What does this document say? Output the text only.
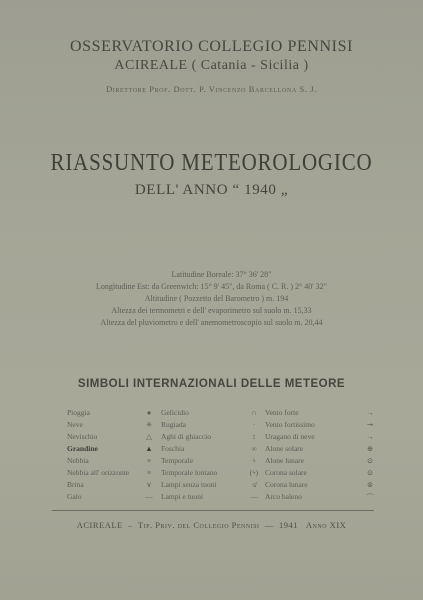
OSSERVATORIO COLLEGIO PENNISI
ACIREALE ( Catania - Sicilia )
Direttore Prof. Dott. P. Vincenzo Barcellona S. J.
RIASSUNTO METEOROLOGICO
DELL' ANNO “ 1940 „
Latitudine Boreale: 37° 36' 28"
Longitudine Est: da Greenwich: 15° 9' 45", da Roma ( C. R. ) 2° 40' 32"
Altitudine ( Pozzetto del Barometro ) m. 194
Altezza dei termometri e dell' evaporimetro sul suolo m. 15,33
Altezza del pluviometro e dell' anemometroscopio sul suolo m. 20,44
SIMBOLI INTERNAZIONALI DELLE METEORE
Pioggia	●	Gelicidio	∩	Vento forte	→
Neve	✳	Rugiada	∙	Vento fortissimo	↠
Nevischio	△	Aghi di ghiaccio	↕	Uragano di neve	→
Grandine	▲	Foschia	∞	Alone solare	⊕
Nebbia	≡	Temporale	ϟ	Alone lunare	⊙
Nebbia all' orizzonte	≡	Temporale lontano	(ϟ) Corona solare	⊙
Brina	∨	Lampi senza tuoni	≰	Corona lunare	⊚
Galo	—	Lampi e tuoni	— Arco baleno	⌒
ACIREALE  –  Tip. Priv. del Collegio Pennisi  —  1941 Anno XIX
